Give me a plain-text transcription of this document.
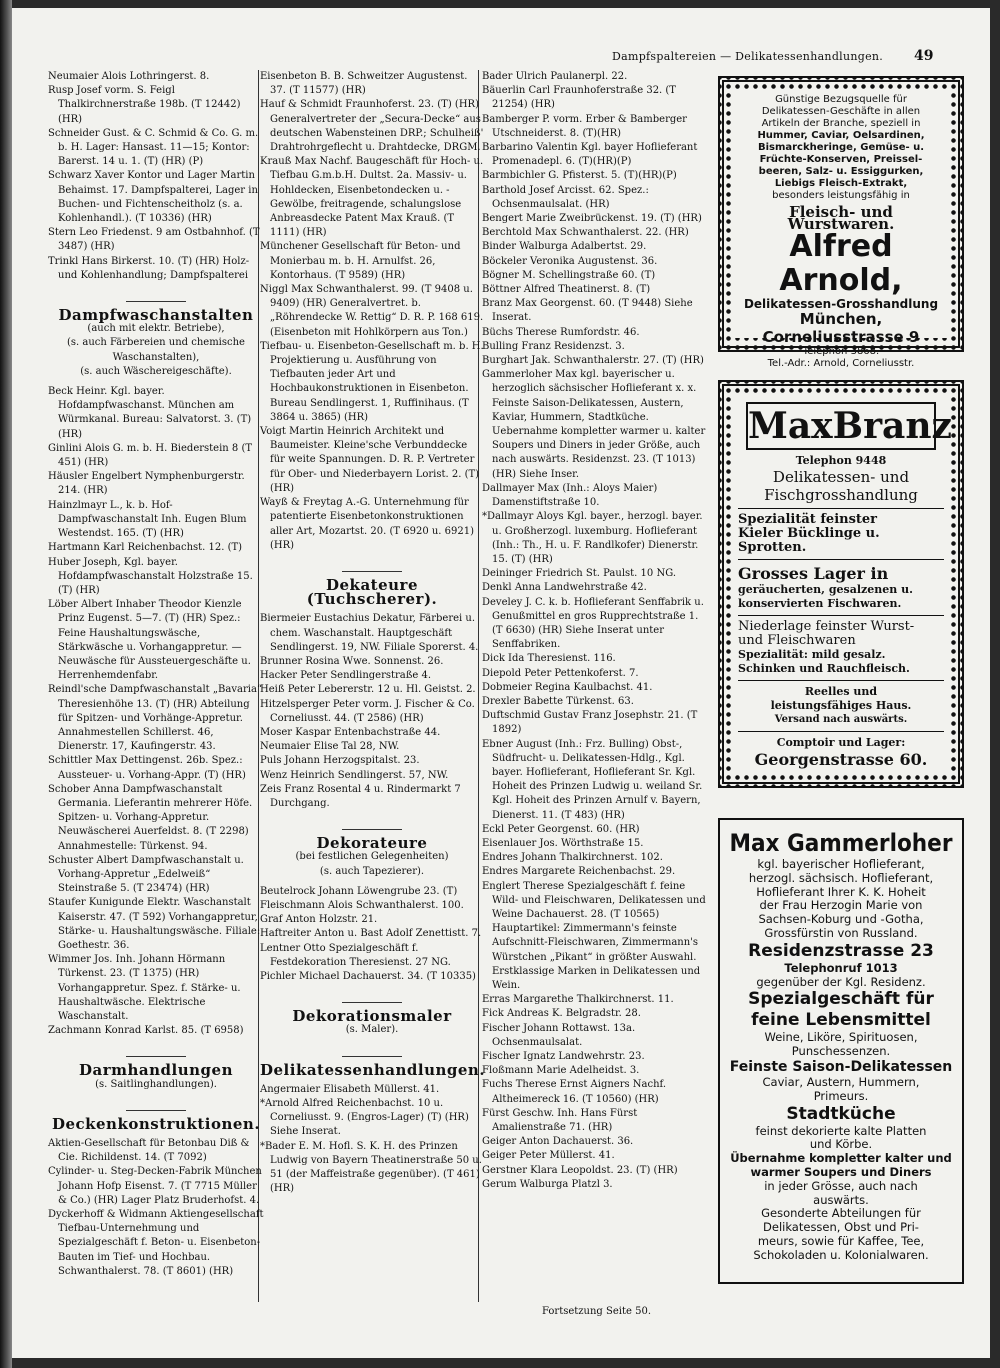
Dampfspaltereien — Delikatessenhandlungen.	49
Neumaier Alois Lothringerst. 8.
Rusp Josef vorm. S. Feigl Thalkirchnerstraße 198b. (T 12442) (HR)
Schneider Gust. & C. Schmid & Co. G. m. b. H. Lager: Hansast. 11—15; Kontor: Barerst. 14 u. 1. (T) (HR) (P)
Schwarz Xaver Kontor und Lager Martin Behaimst. 17. Dampfspalterei, Lager in Buchen- und Fichtenscheitholz (s. a. Kohlenhandl.). (T 10336) (HR)
Stern Leo Friedenst. 9 am Ostbahnhof. (T 3487) (HR)
Trinkl Hans Birkerst. 10. (T) (HR) Holz- und Kohlenhandlung; Dampfspalterei
Dampfwaschanstalten
(auch mit elektr. Betriebe),
(s. auch Färbereien und chemische Waschanstalten),
(s. auch Wäschereigeschäfte).
Beck Heinr. Kgl. bayer. Hofdampfwaschanst. München am Würmkanal. Bureau: Salvatorst. 3. (T) (HR)
Ginlini Alois G. m. b. H. Biederstein 8 (T 451) (HR)
Häusler Engelbert Nymphenburgerstr. 214. (HR)
Hainzlmayr L., k. b. Hof-Dampfwaschanstalt Inh. Eugen Blum Westendst. 165. (T) (HR)
Hartmann Karl Reichenbachst. 12. (T)
Huber Joseph, Kgl. bayer. Hofdampfwaschanstalt Holzstraße 15. (T) (HR)
Löber Albert Inhaber Theodor Kienzle Prinz Eugenst. 5—7. (T) (HR) Spez.: Feine Haushaltungswäsche, Stärkwäsche u. Vorhangappretur. — Neuwäsche für Aussteuergeschäfte u. Herrenhemdenfabr.
Reindl'sche Dampfwaschanstalt „Bavaria“ Theresienhöhe 13. (T) (HR) Abteilung für Spitzen- und Vorhänge-Appretur. Annahmestellen Schillerst. 46, Dienerstr. 17, Kaufingerstr. 43.
Schittler Max Dettingenst. 26b. Spez.: Aussteuer- u. Vorhang-Appr. (T) (HR)
Schober Anna Dampfwaschanstalt Germania. Lieferantin mehrerer Höfe. Spitzen- u. Vorhang-Appretur. Neuwäscherei Auerfeldst. 8. (T 2298) Annahmestelle: Türkenst. 94.
Schuster Albert Dampfwaschanstalt u. Vorhang-Appretur „Edelweiß“ Steinstraße 5. (T 23474) (HR)
Staufer Kunigunde Elektr. Waschanstalt Kaiserstr. 47. (T 592) Vorhangappretur, Stärke- u. Haushaltungswäsche. Filiale: Goethestr. 36.
Wimmer Jos. Inh. Johann Hörmann Türkenst. 23. (T 1375) (HR) Vorhangappretur. Spez. f. Stärke- u. Haushaltwäsche. Elektrische Waschanstalt.
Zachmann Konrad Karlst. 85. (T 6958)
Darmhandlungen
(s. Saitlinghandlungen).
Deckenkonstruktionen.
Aktien-Gesellschaft für Betonbau Diß & Cie. Richildenst. 14. (T 7092)
Cylinder- u. Steg-Decken-Fabrik München Johann Hofp Eisenst. 7. (T 7715 Müller & Co.) (HR) Lager Platz Bruderhofst. 4.
Dyckerhoff & Widmann Aktiengesellschaft Tiefbau-Unternehmung und Spezialgeschäft f. Beton- u. Eisenbeton-Bauten im Tief- und Hochbau. Schwanthalerst. 78. (T 8601) (HR)
Eisenbeton B. B. Schweitzer Augustenst. 37. (T 11577) (HR)
Hauf & Schmidt Fraunhoferst. 23. (T) (HR) Generalvertreter der „Secura-Decke“ aus deutschen Wabensteinen DRP.; Schulheiß' Drahtrohrgeflecht u. Drahtdecke, DRGM.
Krauß Max Nachf. Baugeschäft für Hoch- u. Tiefbau G.m.b.H. Dultst. 2a. Massiv- u. Hohldecken, Eisenbetondecken u. -Gewölbe, freitragende, schalungslose Anbreasdecke Patent Max Krauß. (T 1111) (HR)
Münchener Gesellschaft für Beton- und Monierbau m. b. H. Arnulfst. 26, Kontorhaus. (T 9589) (HR)
Niggl Max Schwanthalerst. 99. (T 9408 u. 9409) (HR) Generalvertret. b. „Röhrendecke W. Rettig“ D. R. P. 168 619. (Eisenbeton mit Hohlkörpern aus Ton.)
Tiefbau- u. Eisenbeton-Gesellschaft m. b. H. Projektierung u. Ausführung von Tiefbauten jeder Art und Hochbaukonstruktionen in Eisenbeton. Bureau Sendlingerst. 1, Ruffinihaus. (T 3864 u. 3865) (HR)
Voigt Martin Heinrich Architekt und Baumeister. Kleine'sche Verbunddecke für weite Spannungen. D. R. P. Vertreter für Ober- und Niederbayern Lorist. 2. (T) (HR)
Wayß & Freytag A.-G. Unternehmung für patentierte Eisenbetonkonstruktionen aller Art, Mozartst. 20. (T 6920 u. 6921) (HR)
Dekateure (Tuchscherer).
Biermeier Eustachius Dekatur, Färberei u. chem. Waschanstalt. Hauptgeschäft Sendlingerst. 19, NW. Filiale Sporerst. 4.
Brunner Rosina Wwe. Sonnenst. 26.
Hacker Peter Sendlingerstraße 4.
Heiß Peter Lebererstr. 12 u. Hl. Geistst. 2.
Hitzelsperger Peter vorm. J. Fischer & Co. Corneliusst. 44. (T 2586) (HR)
Moser Kaspar Entenbachstraße 44.
Neumaier Elise Tal 28, NW.
Puls Johann Herzogspitalst. 23.
Wenz Heinrich Sendlingerst. 57, NW.
Zeis Franz Rosental 4 u. Rindermarkt 7 Durchgang.
Dekorateure
(bei festlichen Gelegenheiten)
(s. auch Tapezierer).
Beutelrock Johann Löwengrube 23. (T)
Fleischmann Alois Schwanthalerst. 100.
Graf Anton Holzstr. 21.
Haftreiter Anton u. Bast Adolf Zenettistt. 7.
Lentner Otto Spezialgeschäft f. Festdekoration Theresienst. 27 NG.
Pichler Michael Dachauerst. 34. (T 10335)
Dekorationsmaler
(s. Maler).
Delikatessenhandlungen.
Angermaier Elisabeth Müllerst. 41.
*Arnold Alfred Reichenbachst. 10 u. Corneliusst. 9. (Engros-Lager) (T) (HR) Siehe Inserat.
*Bader E. M. Hofl. S. K. H. des Prinzen Ludwig von Bayern Theatinerstraße 50 u. 51 (der Maffeistraße gegenüber). (T 461) (HR)
Bader Ulrich Paulanerpl. 22.
Bäuerlin Carl Fraunhoferstraße 32. (T 21254) (HR)
Bamberger P. vorm. Erber & Bamberger Utschneiderst. 8. (T)(HR)
Barbarino Valentin Kgl. bayer Hoflieferant Promenadepl. 6. (T)(HR)(P)
Barmbichler G. Pfisterst. 5. (T)(HR)(P)
Barthold Josef Arcisst. 62. Spez.: Ochsenmaulsalat. (HR)
Bengert Marie Zweibrückenst. 19. (T) (HR)
Berchtold Max Schwanthalerst. 22. (HR)
Binder Walburga Adalbertst. 29.
Böckeler Veronika Augustenst. 36.
Bögner M. Schellingstraße 60. (T)
Böttner Alfred Theatinerst. 8. (T)
Branz Max Georgenst. 60. (T 9448) Siehe Inserat.
Büchs Therese Rumfordstr. 46.
Bulling Franz Residenzst. 3.
Burghart Jak. Schwanthalerstr. 27. (T) (HR)
Gammerloher Max kgl. bayerischer u. herzoglich sächsischer Hoflieferant x. x. Feinste Saison-Delikatessen, Austern, Kaviar, Hummern, Stadtküche. Uebernahme kompletter warmer u. kalter Soupers und Diners in jeder Größe, auch nach auswärts. Residenzst. 23. (T 1013) (HR) Siehe Inser.
Dallmayer Max (Inh.: Aloys Maier) Damenstiftstraße 10.
*Dallmayr Aloys Kgl. bayer., herzogl. bayer. u. Großherzogl. luxemburg. Hoflieferant (Inh.: Th., H. u. F. Randlkofer) Dienerstr. 15. (T) (HR)
Deininger Friedrich St. Paulst. 10 NG.
Denkl Anna Landwehrstraße 42.
Develey J. C. k. b. Hoflieferant Senffabrik u. Genußmittel en gros Rupprechtstraße 1. (T 6630) (HR) Siehe Inserat unter Senffabriken.
Dick Ida Theresienst. 116.
Diepold Peter Pettenkoferst. 7.
Dobmeier Regina Kaulbachst. 41.
Drexler Babette Türkenst. 63.
Duftschmid Gustav Franz Josephstr. 21. (T 1892)
Ebner August (Inh.: Frz. Bulling) Obst-, Südfrucht- u. Delikatessen-Hdlg., Kgl. bayer. Hoflieferant, Hoflieferant Sr. Kgl. Hoheit des Prinzen Ludwig u. weiland Sr. Kgl. Hoheit des Prinzen Arnulf v. Bayern, Dienerst. 11. (T 483) (HR)
Eckl Peter Georgenst. 60. (HR)
Eisenlauer Jos. Wörthstraße 15.
Endres Johann Thalkirchnerst. 102.
Endres Margarete Reichenbachst. 29.
Englert Therese Spezialgeschäft f. feine Wild- und Fleischwaren, Delikatessen und Weine Dachauerst. 28. (T 10565) Hauptartikel: Zimmermann's feinste Aufschnitt-Fleischwaren, Zimmermann's Würstchen „Pikant“ in größter Auswahl. Erstklassige Marken in Delikatessen und Wein.
Erras Margarethe Thalkirchnerst. 11.
Fick Andreas K. Belgradstr. 28.
Fischer Johann Rottawst. 13a. Ochsenmaulsalat.
Fischer Ignatz Landwehrstr. 23.
Floßmann Marie Adelheidst. 3.
Fuchs Therese Ernst Aigners Nachf. Altheimereck 16. (T 10560) (HR)
Fürst Geschw. Inh. Hans Fürst Amalienstraße 71. (HR)
Geiger Anton Dachauerst. 36.
Geiger Peter Müllerst. 41.
Gerstner Klara Leopoldst. 23. (T) (HR)
Gerum Walburga Platzl 3.
Fortsetzung Seite 50.
Günstige Bezugsquelle für
Delikatessen-Geschäfte in allen
Artikeln der Branche, speziell in
Hummer, Caviar, Oelsardinen,
Bismarckheringe, Gemüse- u.
Früchte-Konserven, Preissel-
beeren, Salz- u. Essiggurken,
Liebigs Fleisch-Extrakt,
besonders leistungsfähig in
Fleisch- und Wurstwaren.
Alfred Arnold,
Delikatessen-Grosshandlung
München, Corneliusstrasse 9
Telephon 3868.
Tel.-Adr.: Arnold, Corneliusstr.
MaxBranz
Telephon 9448
Delikatessen- und
Fischgrosshandlung
Spezialität feinster
Kieler Bücklinge u. Sprotten.
Grosses Lager in
geräucherten, gesalzenen u.
konservierten Fischwaren.
Niederlage feinster Wurst-
und Fleischwaren
Spezialität: mild gesalz.
Schinken und Rauchfleisch.
Reelles und
leistungsfähiges Haus.
Versand nach auswärts.
Comptoir und Lager:
Georgenstrasse 60.
Max Gammerloher
kgl. bayerischer Hoflieferant,
herzogl. sächsisch. Hoflieferant,
Hoflieferant Ihrer K. K. Hoheit
der Frau Herzogin Marie von
Sachsen-Koburg und -Gotha,
Grossfürstin von Russland.
Residenzstrasse 23
Telephonruf 1013
gegenüber der Kgl. Residenz.
Spezialgeschäft für
feine Lebensmittel
Weine, Liköre, Spirituosen,
Punschessenzen.
Feinste Saison-Delikatessen
Caviar, Austern, Hummern,
Primeurs.
Stadtküche
feinst dekorierte kalte Platten
und Körbe.
Übernahme kompletter kalter und
warmer Soupers und Diners
in jeder Grösse, auch nach
auswärts.
Gesonderte Abteilungen für
Delikatessen, Obst und Pri-
meurs, sowie für Kaffee, Tee,
Schokoladen u. Kolonialwaren.
